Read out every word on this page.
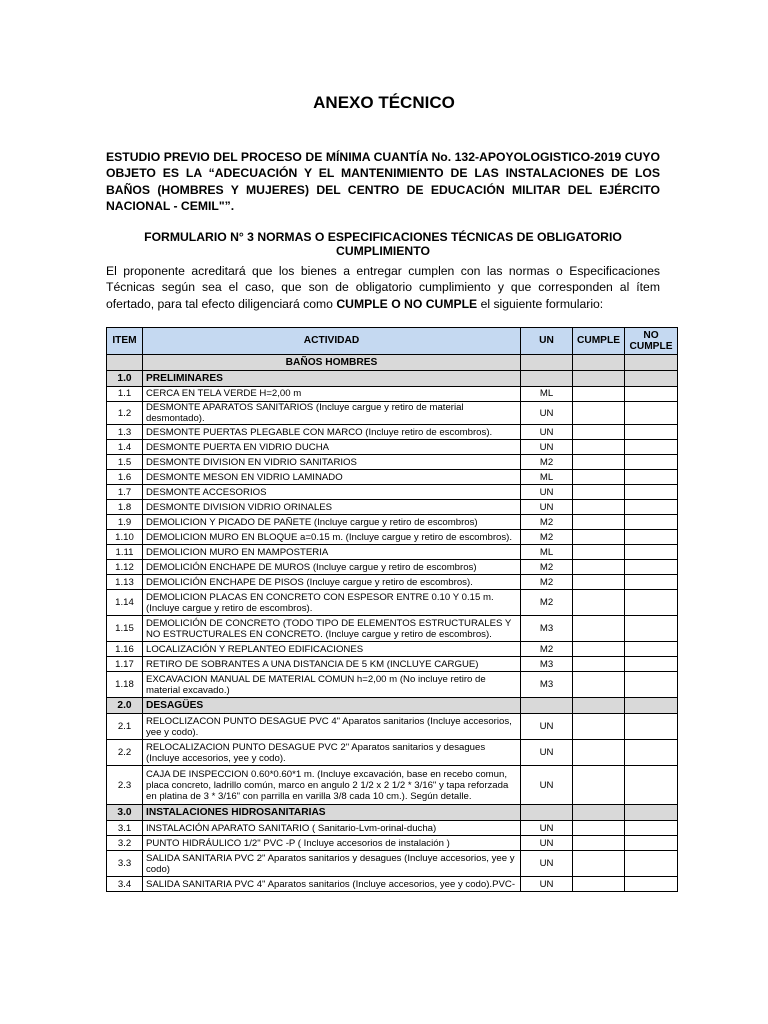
ANEXO TÉCNICO
ESTUDIO PREVIO DEL PROCESO DE MÍNIMA CUANTÍA No. 132-APOYOLOGISTICO-2019 CUYO OBJETO ES LA “ADECUACIÓN Y EL MANTENIMIENTO DE LAS INSTALACIONES DE LOS BAÑOS (HOMBRES Y MUJERES) DEL CENTRO DE EDUCACIÓN MILITAR DEL EJÉRCITO NACIONAL - CEMIL"”.
FORMULARIO N° 3 NORMAS O ESPECIFICACIONES TÉCNICAS DE OBLIGATORIO CUMPLIMIENTO
El proponente acreditará que los bienes a entregar cumplen con las normas o Especificaciones Técnicas según sea el caso, que son de obligatorio cumplimiento y que corresponden al ítem ofertado, para tal efecto diligenciará como CUMPLE O NO CUMPLE el siguiente formulario:
ITEM	ACTIVIDAD	UN	CUMPLE	NO CUMPLE
	BAÑOS HOMBRES			
1.0	PRELIMINARES			
1.1	CERCA EN TELA VERDE H=2,00 m	ML		
1.2	DESMONTE APARATOS SANITARIOS (Incluye cargue y retiro de material desmontado).	UN		
1.3	DESMONTE PUERTAS PLEGABLE CON MARCO (Incluye retiro de escombros).	UN		
1.4	DESMONTE PUERTA EN VIDRIO DUCHA	UN		
1.5	DESMONTE DIVISION EN VIDRIO SANITARIOS	M2		
1.6	DESMONTE MESON EN VIDRIO LAMINADO	ML		
1.7	DESMONTE ACCESORIOS	UN		
1.8	DESMONTE DIVISION VIDRIO ORINALES	UN		
1.9	DEMOLICION Y PICADO DE PAÑETE (Incluye cargue y retiro de escombros)	M2		
1.10	DEMOLICION MURO EN BLOQUE a=0.15 m. (Incluye cargue y retiro de escombros).	M2		
1.11	DEMOLICION MURO EN MAMPOSTERIA	ML		
1.12	DEMOLICIÓN ENCHAPE DE MUROS (Incluye cargue y retiro de escombros)	M2		
1.13	DEMOLICIÓN ENCHAPE DE PISOS (Incluye cargue y retiro de escombros).	M2		
1.14	DEMOLICION PLACAS EN CONCRETO CON ESPESOR ENTRE 0.10 Y 0.15 m. (Incluye cargue y retiro de escombros).	M2		
1.15	DEMOLICIÓN DE CONCRETO (TODO TIPO DE ELEMENTOS ESTRUCTURALES Y NO ESTRUCTURALES EN CONCRETO. (Incluye cargue y retiro de escombros).	M3		
1.16	LOCALIZACIÓN Y REPLANTEO EDIFICACIONES	M2		
1.17	RETIRO DE SOBRANTES A UNA DISTANCIA DE 5 KM (INCLUYE CARGUE)	M3		
1.18	EXCAVACION MANUAL DE MATERIAL COMUN h=2,00 m (No incluye retiro de material excavado.)	M3		
2.0	DESAGÜES			
2.1	RELOCLIZACON PUNTO DESAGUE PVC 4" Aparatos sanitarios (Incluye accesorios, yee y codo).	UN		
2.2	RELOCALIZACION PUNTO DESAGUE PVC 2" Aparatos sanitarios y desagues (Incluye accesorios, yee y codo).	UN		
2.3	CAJA DE INSPECCION 0.60*0.60*1 m. (Incluye excavación, base en recebo comun, placa concreto, ladrillo común, marco en angulo 2 1/2 x 2 1/2 * 3/16" y tapa reforzada en platina de 3 * 3/16" con parrilla en varilla 3/8 cada 10 cm.). Según detalle.	UN		
3.0	INSTALACIONES HIDROSANITARIAS			
3.1	INSTALACIÓN APARATO SANITARIO ( Sanitario-Lvm-orinal-ducha)	UN		
3.2	PUNTO HIDRÁULICO 1/2" PVC -P ( Incluye accesorios de instalación )	UN		
3.3	SALIDA SANITARIA PVC 2" Aparatos sanitarios y desagues (Incluye accesorios, yee y codo)	UN		
3.4	SALIDA SANITARIA PVC 4" Aparatos sanitarios (Incluye accesorios, yee y codo).PVC-	UN		
